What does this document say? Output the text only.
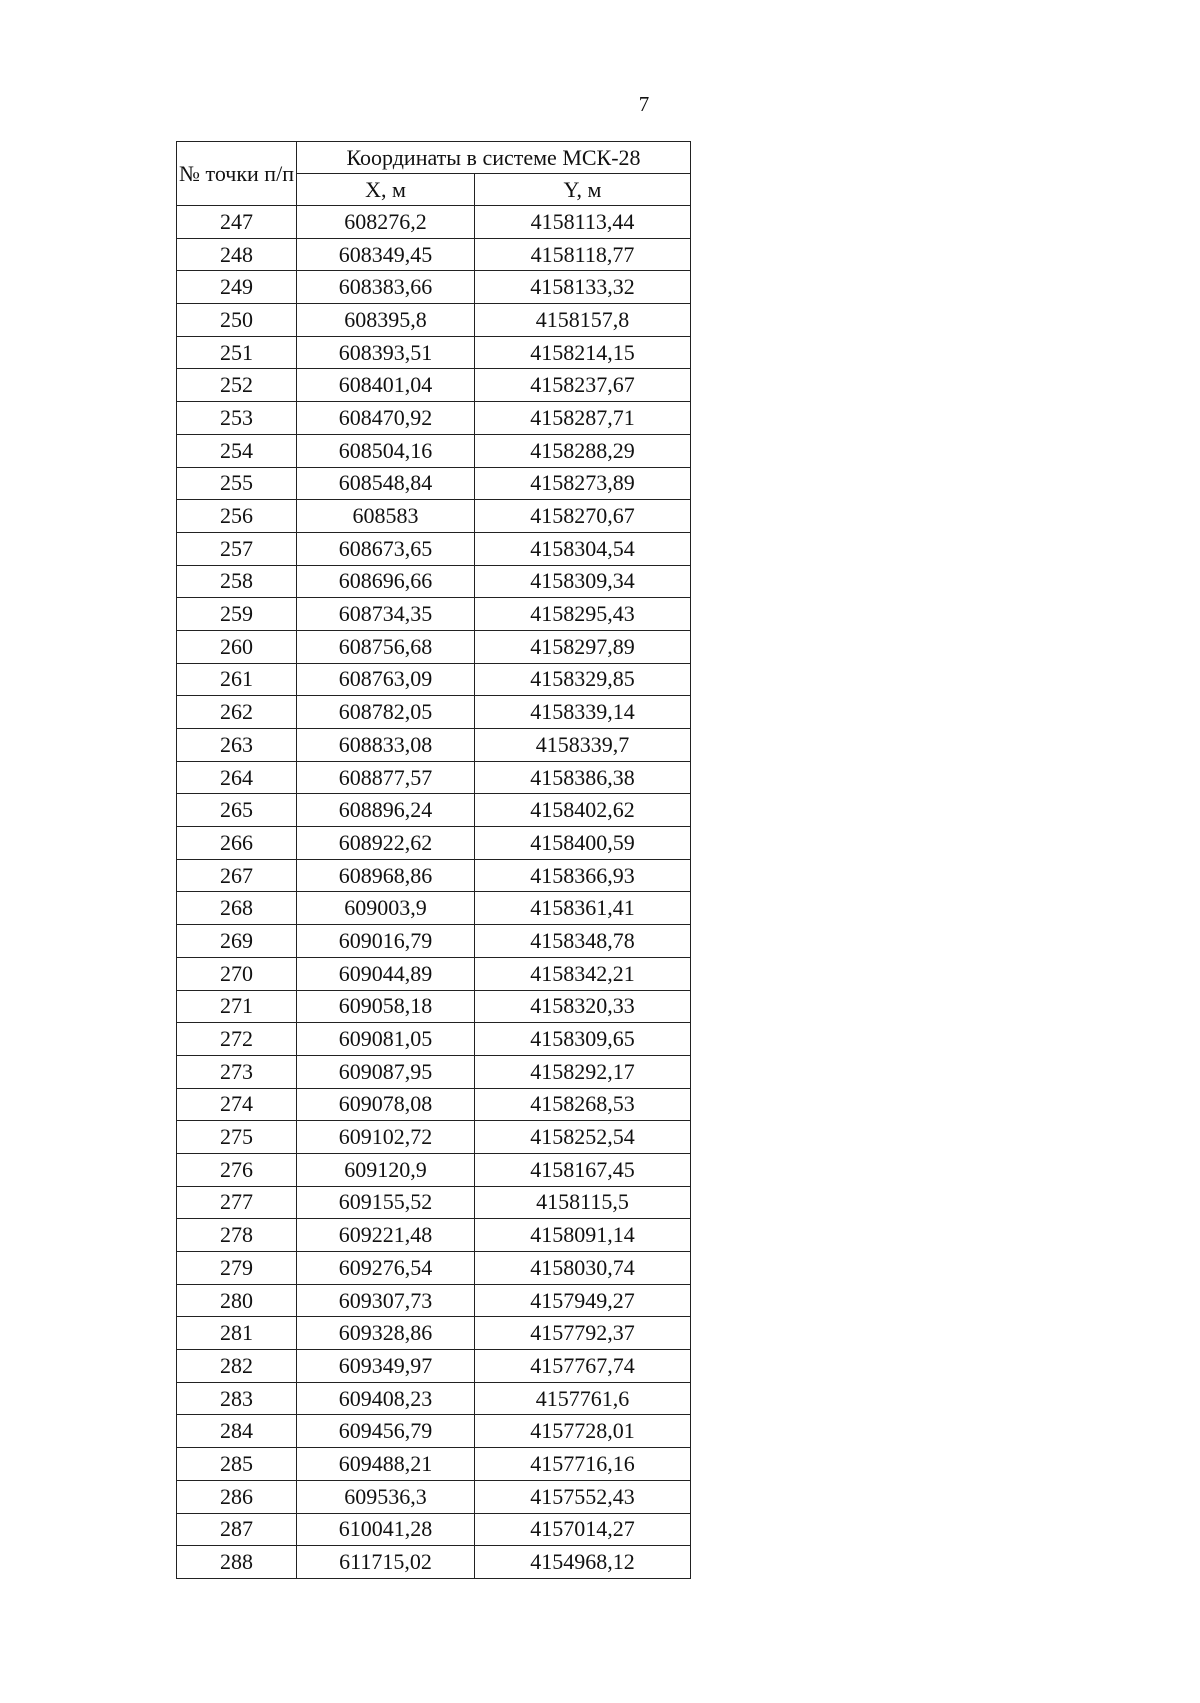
7
№ точки п/п	Координаты в системе МСК-28	
	X, м	Y, м
247	608276,2	4158113,44
248	608349,45	4158118,77
249	608383,66	4158133,32
250	608395,8	4158157,8
251	608393,51	4158214,15
252	608401,04	4158237,67
253	608470,92	4158287,71
254	608504,16	4158288,29
255	608548,84	4158273,89
256	608583	4158270,67
257	608673,65	4158304,54
258	608696,66	4158309,34
259	608734,35	4158295,43
260	608756,68	4158297,89
261	608763,09	4158329,85
262	608782,05	4158339,14
263	608833,08	4158339,7
264	608877,57	4158386,38
265	608896,24	4158402,62
266	608922,62	4158400,59
267	608968,86	4158366,93
268	609003,9	4158361,41
269	609016,79	4158348,78
270	609044,89	4158342,21
271	609058,18	4158320,33
272	609081,05	4158309,65
273	609087,95	4158292,17
274	609078,08	4158268,53
275	609102,72	4158252,54
276	609120,9	4158167,45
277	609155,52	4158115,5
278	609221,48	4158091,14
279	609276,54	4158030,74
280	609307,73	4157949,27
281	609328,86	4157792,37
282	609349,97	4157767,74
283	609408,23	4157761,6
284	609456,79	4157728,01
285	609488,21	4157716,16
286	609536,3	4157552,43
287	610041,28	4157014,27
288	611715,02	4154968,12
